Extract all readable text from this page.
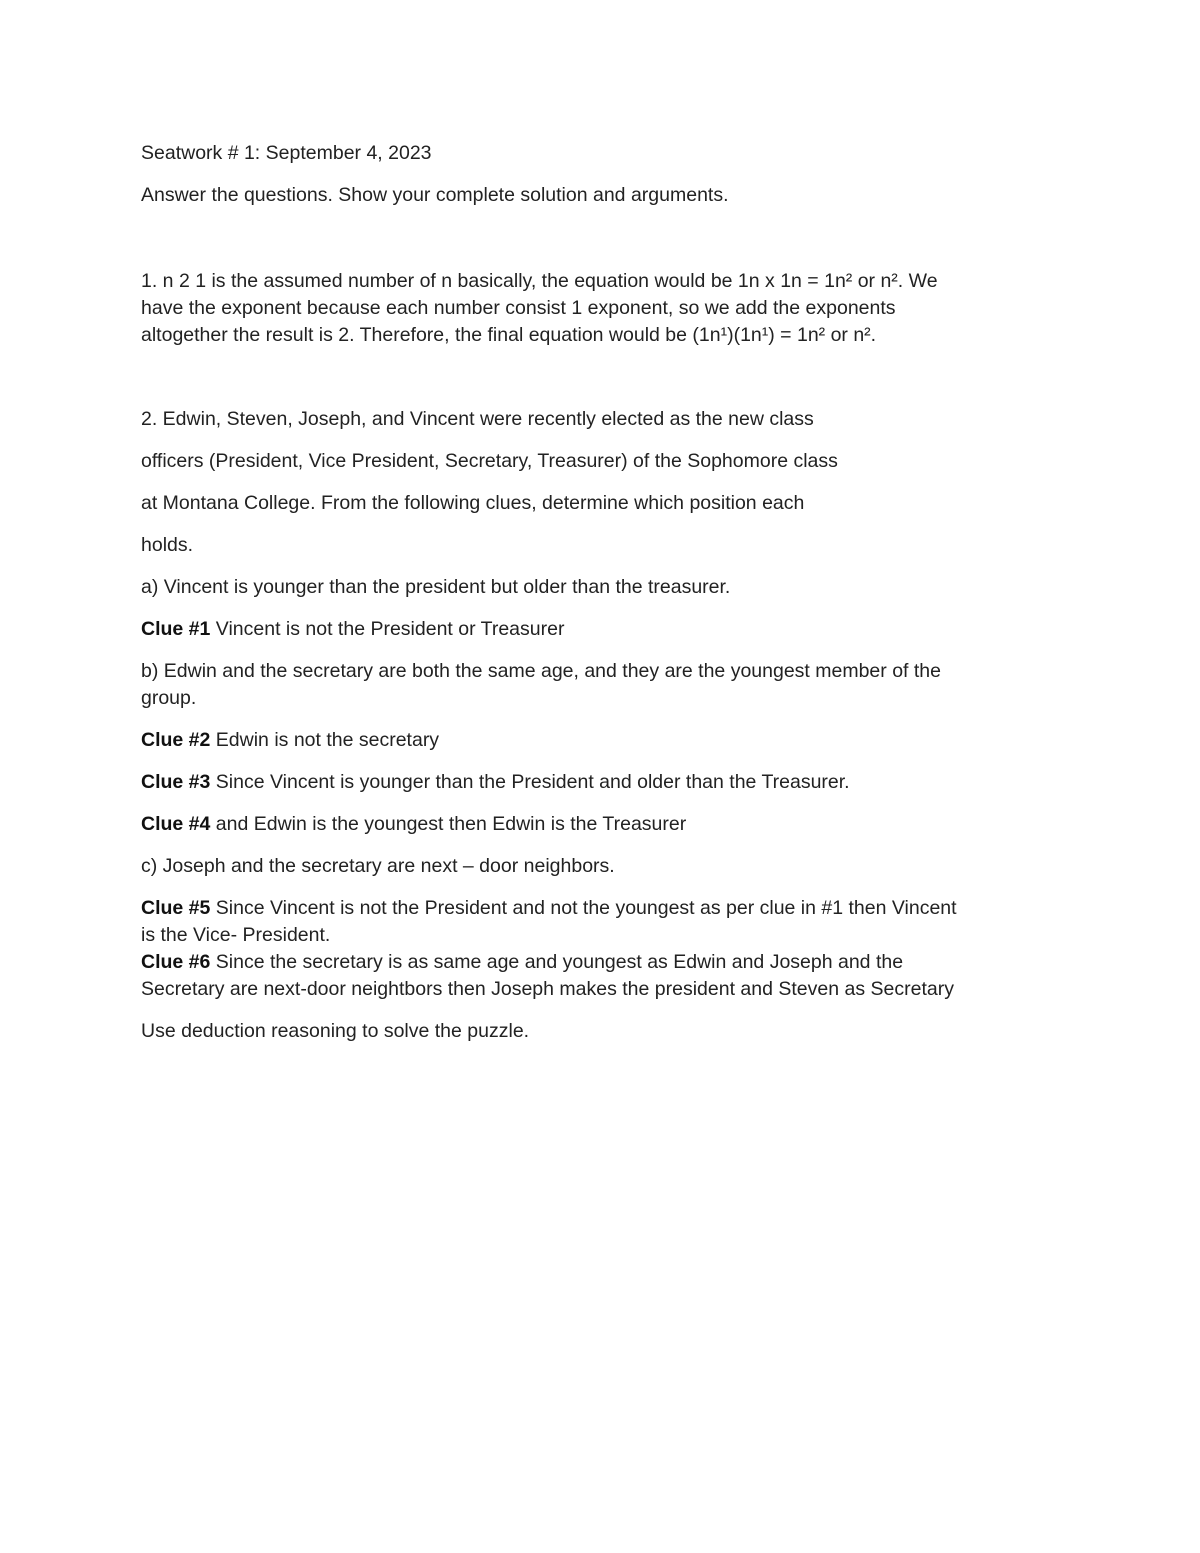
Seatwork # 1: September 4, 2023

Answer the questions. Show your complete solution and arguments.

1. n 2 1 is the assumed number of n basically, the equation would be 1n x 1n = 1n² or n². We

have the exponent because each number consist 1 exponent, so we add the exponents

altogether the result is 2. Therefore, the final equation would be (1n¹)(1n¹) = 1n² or n².

2. Edwin, Steven, Joseph, and Vincent were recently elected as the new class

officers (President, Vice President, Secretary, Treasurer) of the Sophomore class

at Montana College. From the following clues, determine which position each

holds.

a) Vincent is younger than the president but older than the treasurer.

Clue #1 Vincent is not the President or Treasurer

b) Edwin and the secretary are both the same age, and they are the youngest member of the

group.

Clue #2 Edwin is not the secretary

Clue #3 Since Vincent is younger than the President and older than the Treasurer.

Clue #4 and Edwin is the youngest then Edwin is the Treasurer

c) Joseph and the secretary are next – door neighbors.

Clue #5 Since Vincent is not the President and not the youngest as per clue in #1 then Vincent

is the Vice- President.

Clue #6 Since the secretary is as same age and youngest as Edwin and Joseph and the

Secretary are next-door neightbors then Joseph makes the president and Steven as Secretary

Use deduction reasoning to solve the puzzle.
